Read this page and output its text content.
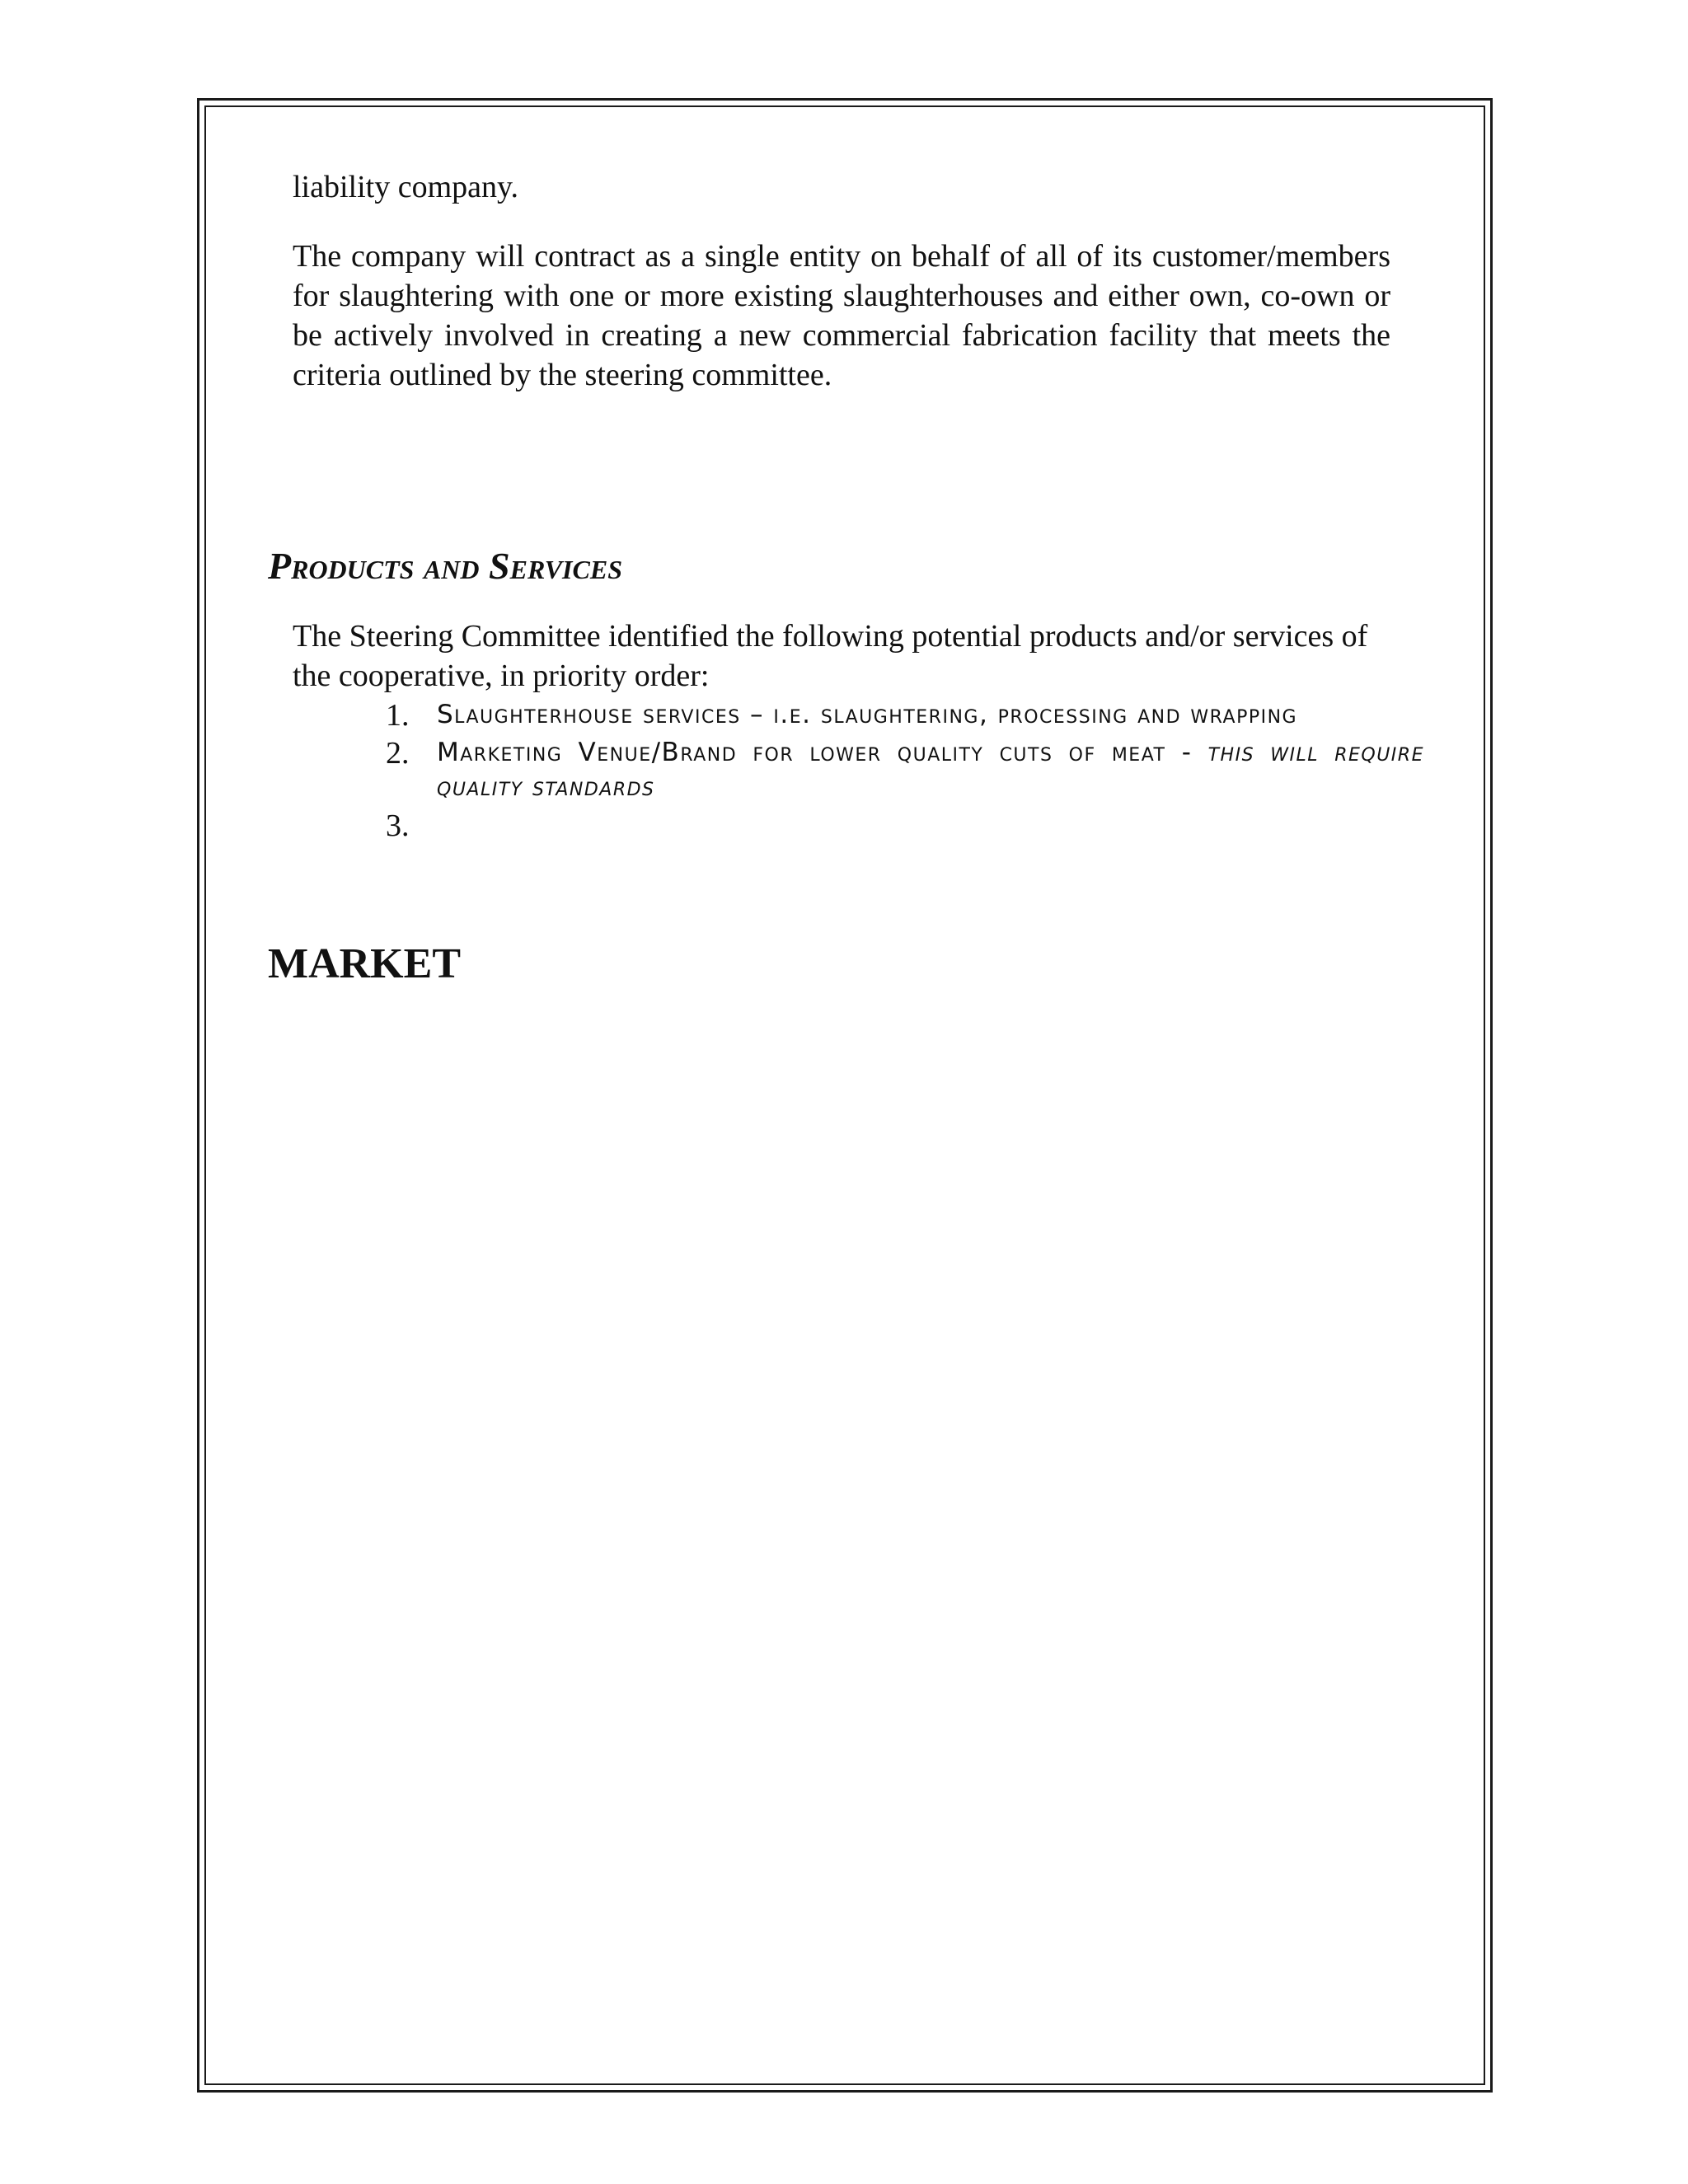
liability company.

The company will contract as a single entity on behalf of all of its customer/members for slaughtering with one or more existing slaughterhouses and either own, co-own or be actively involved in creating a new commercial fabrication facility that meets the criteria outlined by the steering committee.

Products and Services

The Steering Committee identified the following potential products and/or services of the cooperative, in priority order:

1. Slaughterhouse services – i.e. slaughtering, processing and wrapping
2. Marketing Venue/Brand for lower quality cuts of meat - this will require quality standards
3.

MARKET
